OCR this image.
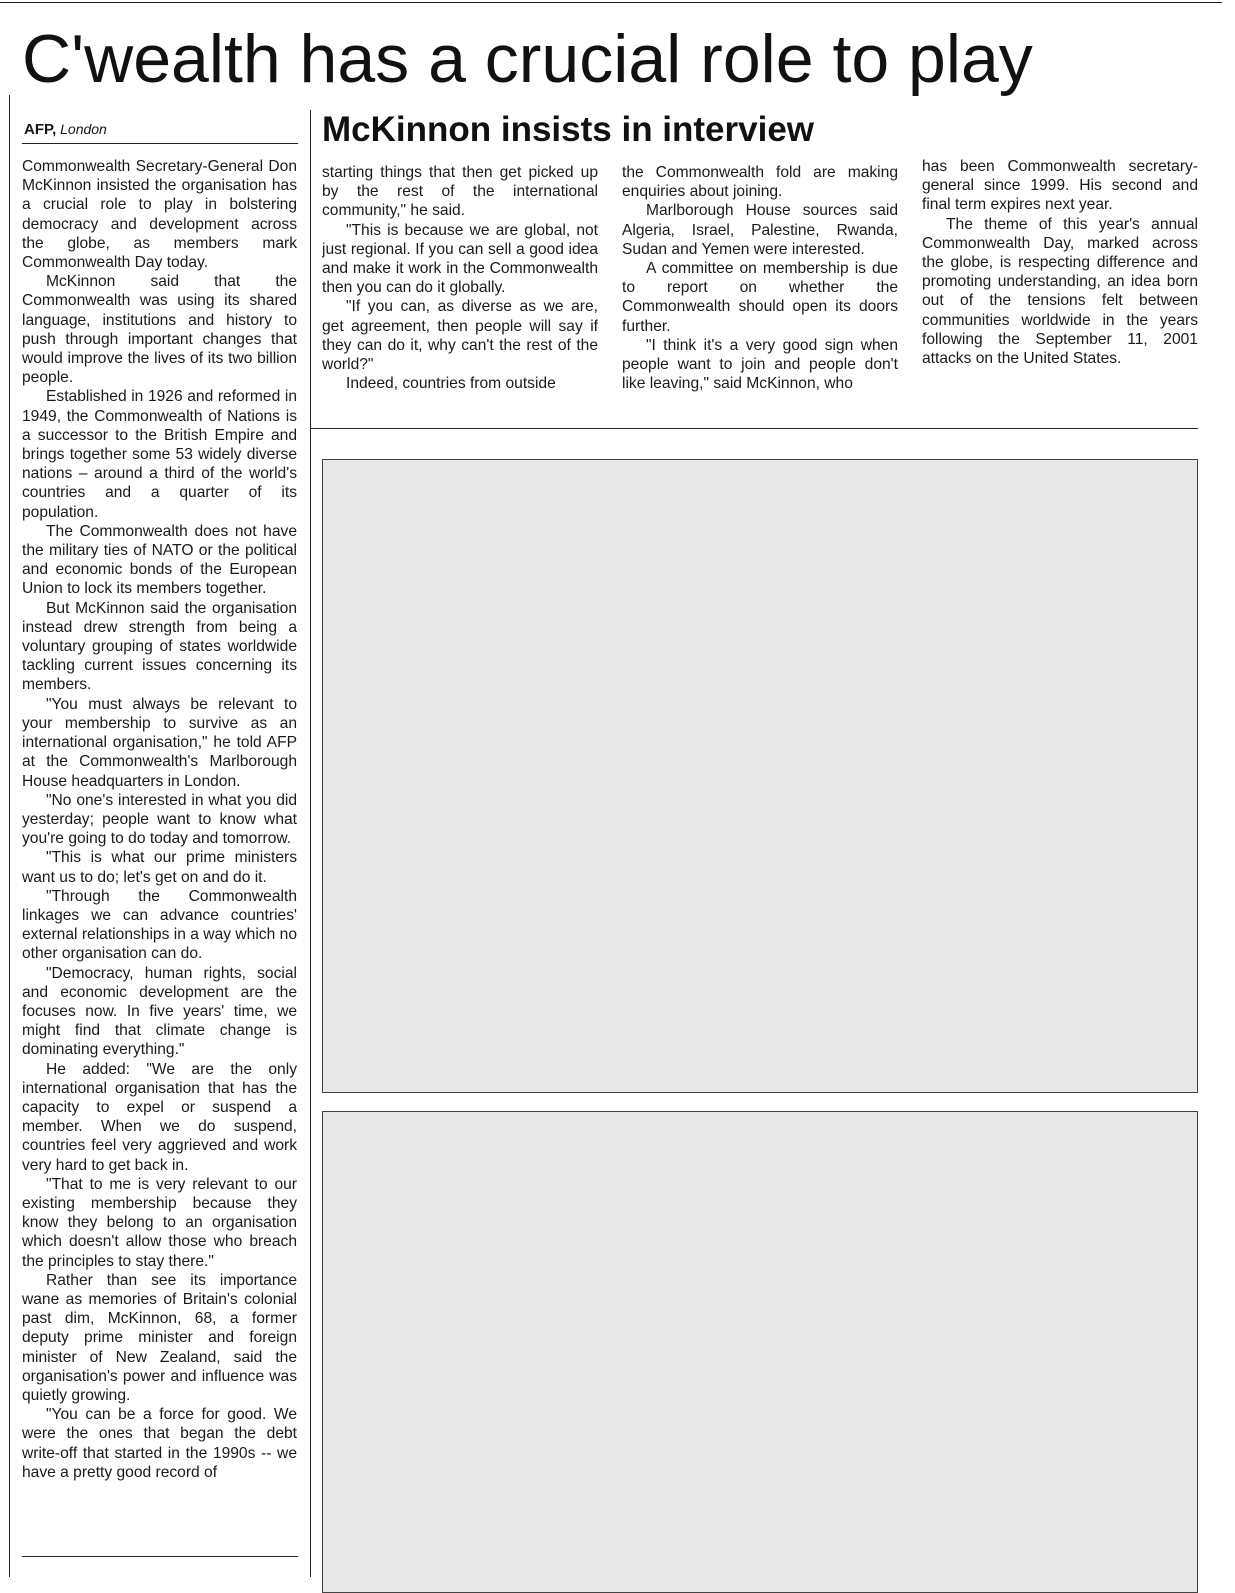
C'wealth has a crucial role to play
AFP, London	McKinnon insists in interview

Commonwealth Secretary-General Don McKinnon insisted the organisation has a crucial role to play in bolstering democracy and development across the globe, as members mark Commonwealth Day today.

McKinnon said that the Commonwealth was using its shared language, institutions and history to push through important changes that would improve the lives of its two billion people.

Established in 1926 and reformed in 1949, the Commonwealth of Nations is a successor to the British Empire and brings together some 53 widely diverse nations – around a third of the world's countries and a quarter of its population.

The Commonwealth does not have the military ties of NATO or the political and economic bonds of the European Union to lock its members together.

But McKinnon said the organisation instead drew strength from being a voluntary grouping of states worldwide tackling current issues concerning its members.

"You must always be relevant to your membership to survive as an international organisation," he told AFP at the Commonwealth's Marlborough House headquarters in London.

"No one's interested in what you did yesterday; people want to know what you're going to do today and tomorrow.

"This is what our prime ministers want us to do; let's get on and do it.

"Through the Commonwealth linkages we can advance countries' external relationships in a way which no other organisation can do.

"Democracy, human rights, social and economic development are the focuses now. In five years' time, we might find that climate change is dominating everything."

He added: "We are the only international organisation that has the capacity to expel or suspend a member. When we do suspend, countries feel very aggrieved and work very hard to get back in.

"That to me is very relevant to our existing membership because they know they belong to an organisation which doesn't allow those who breach the principles to stay there."

Rather than see its importance wane as memories of Britain's colonial past dim, McKinnon, 68, a former deputy prime minister and foreign minister of New Zealand, said the organisation's power and influence was quietly growing.

"You can be a force for good. We were the ones that began the debt write-off that started in the 1990s -- we have a pretty good record of

starting things that then get picked up by the rest of the international community," he said.

"This is because we are global, not just regional. If you can sell a good idea and make it work in the Commonwealth then you can do it globally.

"If you can, as diverse as we are, get agreement, then people will say if they can do it, why can't the rest of the world?"

Indeed, countries from outside

the Commonwealth fold are making enquiries about joining.

Marlborough House sources said Algeria, Israel, Palestine, Rwanda, Sudan and Yemen were interested.

A committee on membership is due to report on whether the Commonwealth should open its doors further.

"I think it's a very good sign when people want to join and people don't like leaving," said McKinnon, who

has been Commonwealth secretary-general since 1999. His second and final term expires next year.

The theme of this year's annual Commonwealth Day, marked across the globe, is respecting difference and promoting understanding, an idea born out of the tensions felt between communities worldwide in the years following the September 11, 2001 attacks on the United States.
